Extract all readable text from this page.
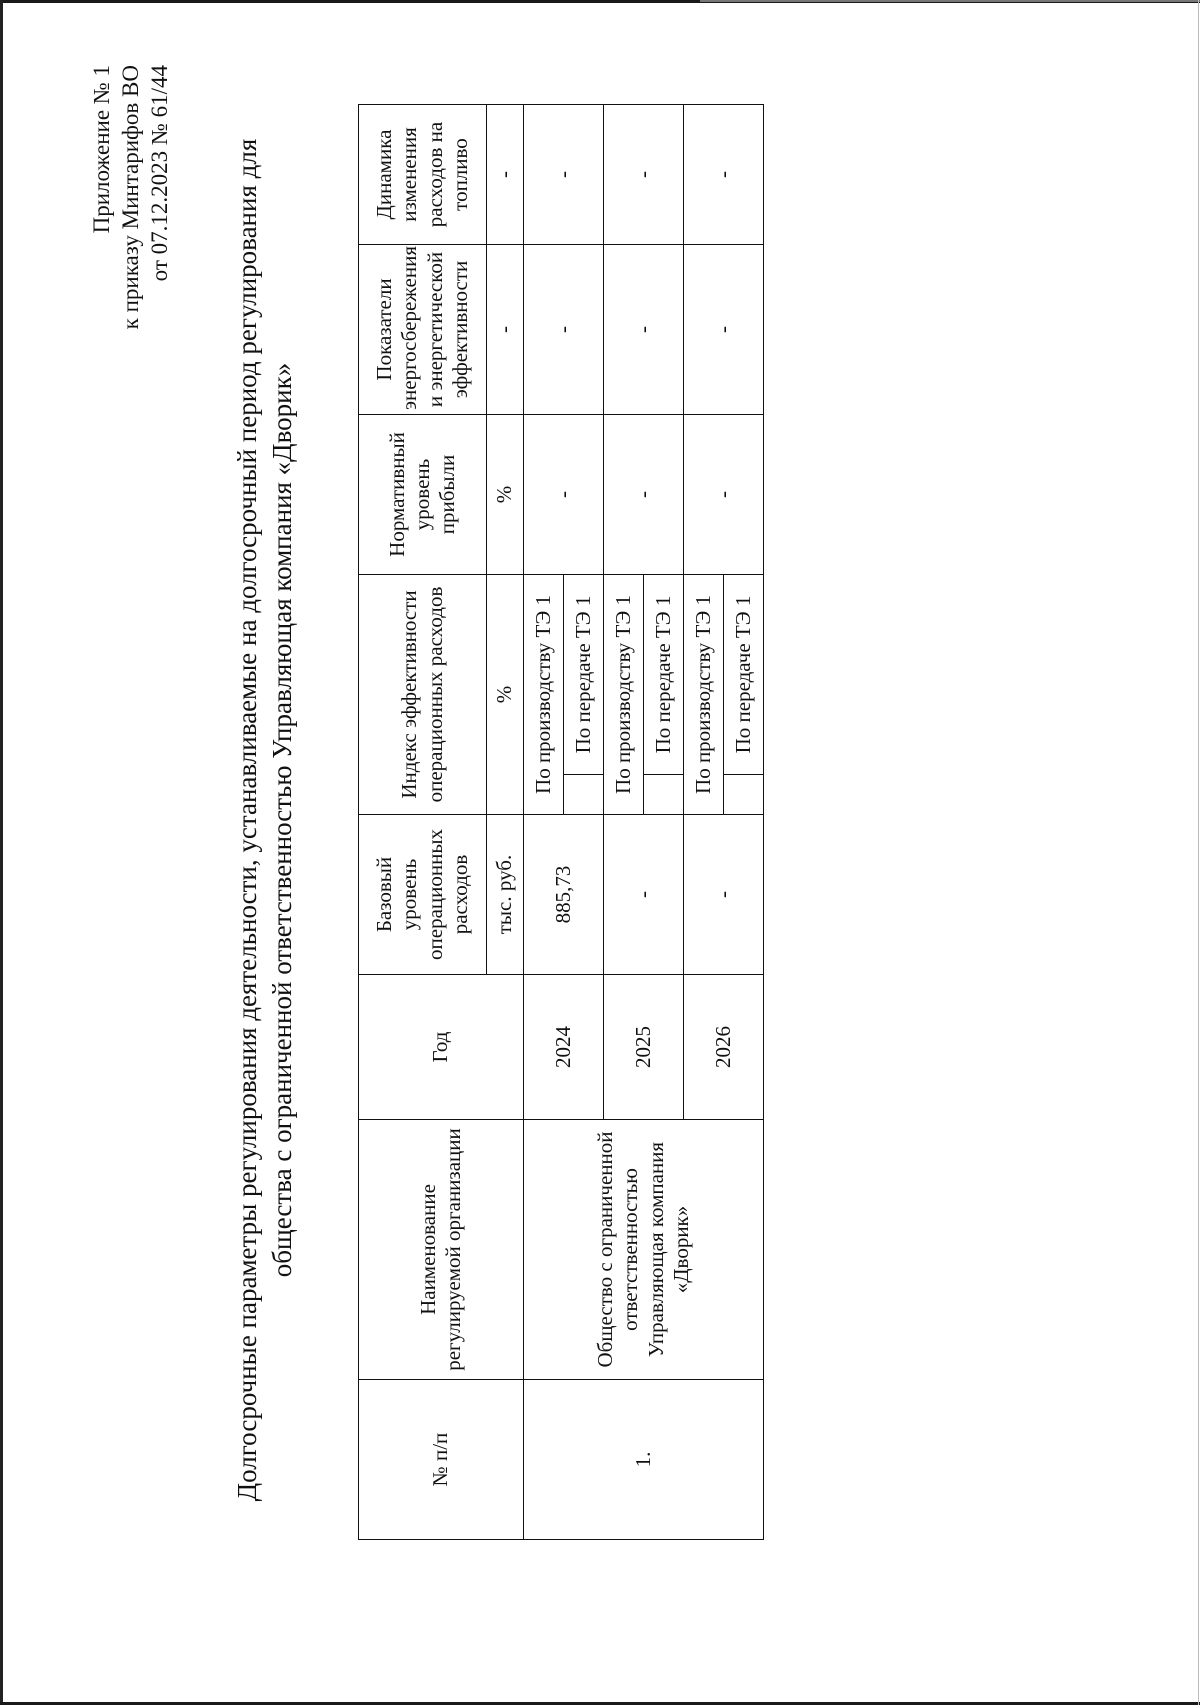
Приложение № 1 к приказу Минтарифов ВО от 07.12.2023 № 61/44 Долгосрочные параметры регулирования деятельности, устанавливаемые на долгосрочный период регулирования для общества с ограниченной ответственностью Управляющая компания «Дворик»
№ п/п	Наименование регулируемой организации	Год	Базовый уровень операционных расходов	Индекс эффективности операционных расходов		Нормативный уровень прибыли	Показатели энергосбережения и энергетической эффективности	Динамика изменения расходов на топливо
			тыс. руб.	%		%	-	-
1.	Общество с ограниченной ответственностью Управляющая компания «Дворик»	2024	885,73	По производству ТЭ 1		-	-	-
					По передаче ТЭ 1			
		2025	-	По производству ТЭ 1		-	-	-
					По передаче ТЭ 1			
		2026	-	По производству ТЭ 1		-	-	-
					По передаче ТЭ 1			
